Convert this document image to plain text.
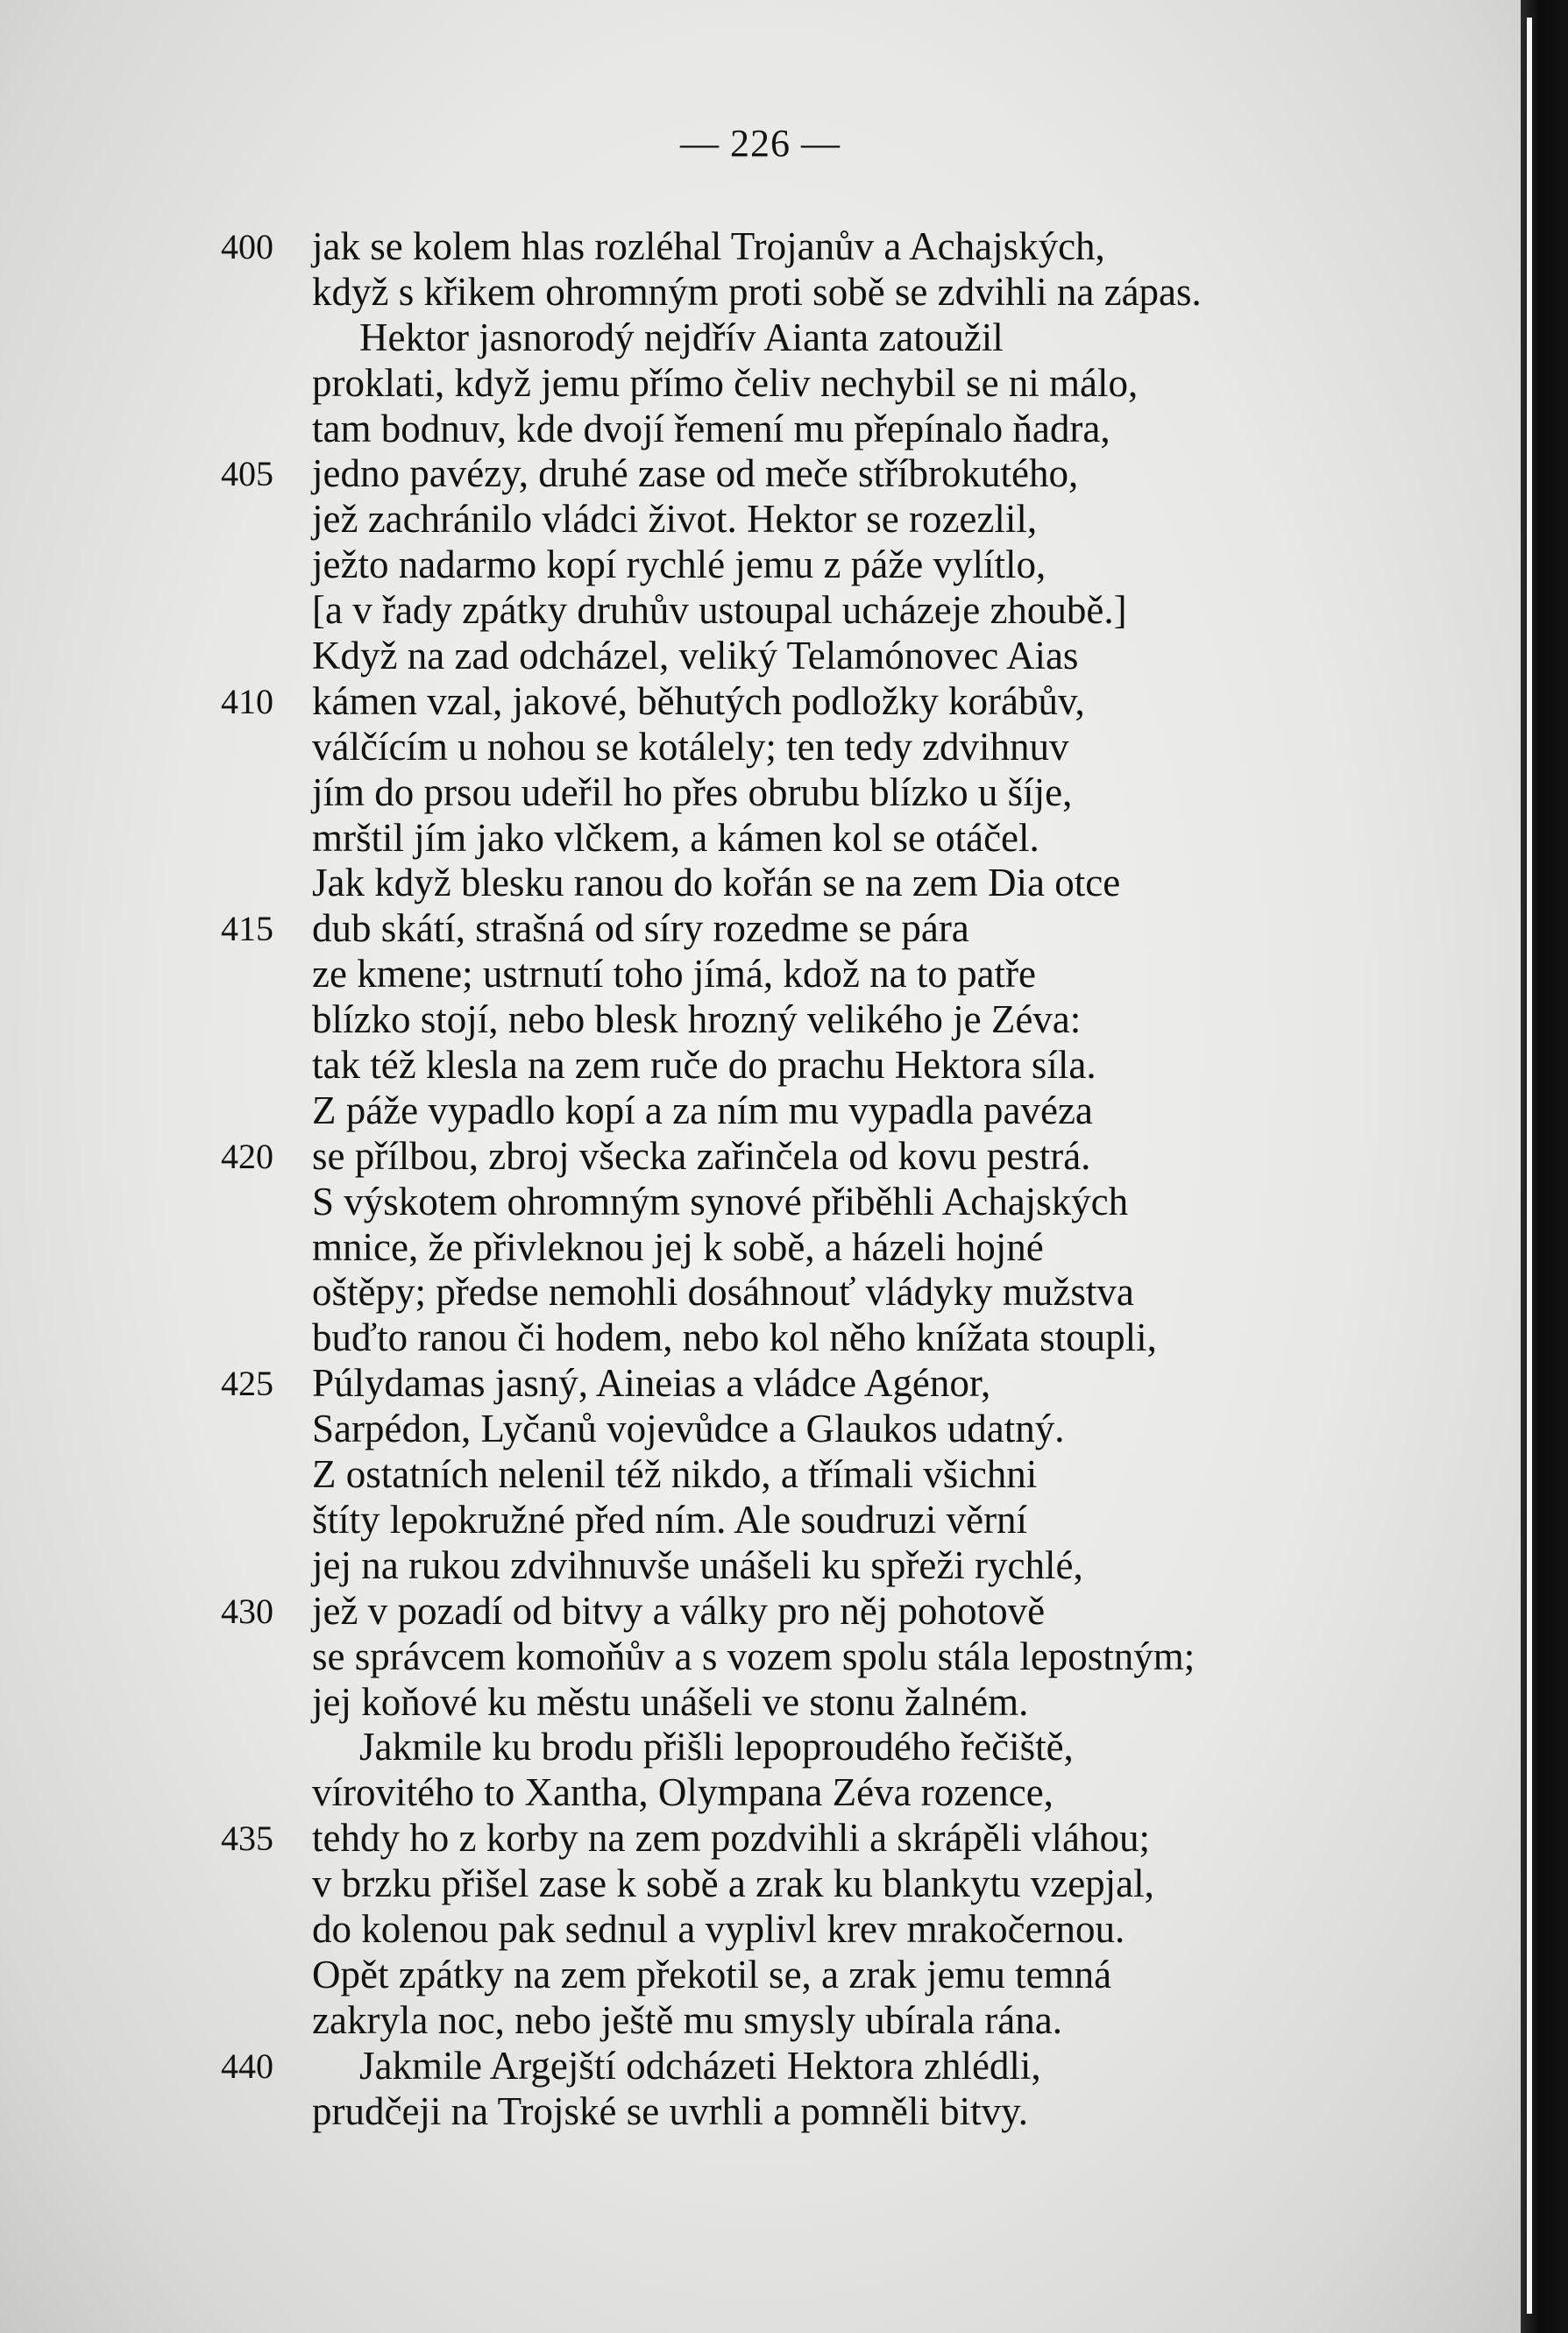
— 226 —
400 jak se kolem hlas rozléhal Trojanův a Achajských,
když s křikem ohromným proti sobě se zdvihli na zápas.
Hektor jasnorodý nejdřív Aianta zatoužil
proklati, když jemu přímo čeliv nechybil se ni málo,
tam bodnuv, kde dvojí řemení mu přepínalo ňadra,
405 jedno pavézy, druhé zase od meče stříbrokutého,
jež zachránilo vládci život. Hektor se rozezlil,
ježto nadarmo kopí rychlé jemu z páže vylítlo,
[a v řady zpátky druhův ustoupal ucházeje zhoubě.]
Když na zad odcházel, veliký Telamónovec Aias
410 kámen vzal, jakové, běhutých podložky korábův,
válčícím u nohou se kotálely; ten tedy zdvihnuv
jím do prsou udeřil ho přes obrubu blízko u šíje,
mrštil jím jako vlčkem, a kámen kol se otáčel.
Jak když blesku ranou do kořán se na zem Dia otce
415 dub skátí, strašná od síry rozedme se pára
ze kmene; ustrnutí toho jímá, kdož na to patře
blízko stojí, nebo blesk hrozný velikého je Zéva:
tak též klesla na zem ruče do prachu Hektora síla.
Z páže vypadlo kopí a za ním mu vypadla pavéza
420 se přílbou, zbroj všecka zařinčela od kovu pestrá.
S výskotem ohromným synové přiběhli Achajských
mnice, že přivleknou jej k sobě, a házeli hojné
oštěpy; předse nemohli dosáhnouť vládyky mužstva
buďto ranou či hodem, nebo kol něho knížata stoupli,
425 Púlydamas jasný, Aineias a vládce Agénor,
Sarpédon, Lyčanů vojevůdce a Glaukos udatný.
Z ostatních nelenil též nikdo, a třímali všichni
štíty lepokružné před ním. Ale soudruzi věrní
jej na rukou zdvihnuvše unášeli ku spřeži rychlé,
430 jež v pozadí od bitvy a války pro něj pohotově
se správcem komoňův a s vozem spolu stála lepostným;
jej koňové ku městu unášeli ve stonu žalném.
Jakmile ku brodu přišli lepoproudého řečiště,
vírovitého to Xantha, Olympana Zéva rozence,
435 tehdy ho z korby na zem pozdvihli a skrápěli vláhou;
v brzku přišel zase k sobě a zrak ku blankytu vzepjal,
do kolenou pak sednul a vyplivl krev mrakočernou.
Opět zpátky na zem překotil se, a zrak jemu temná
zakryla noc, nebo ještě mu smysly ubírala rána.
440	Jakmile Argejští odcházeti Hektora zhlédli,
prudčeji na Trojské se uvrhli a pomněli bitvy.
